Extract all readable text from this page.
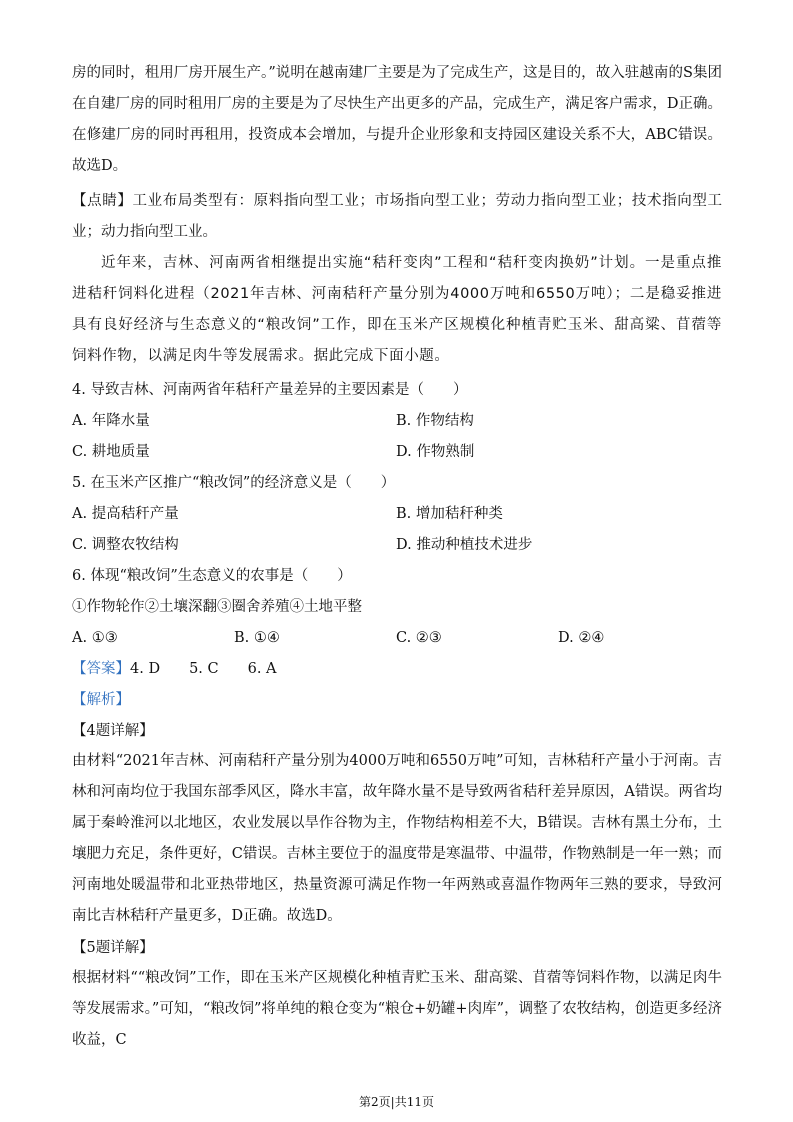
房的同时，租用厂房开展生产。”说明在越南建厂主要是为了完成生产，这是目的，故入驻越南的S集团在自建厂房的同时租用厂房的主要是为了尽快生产出更多的产品，完成生产，满足客户需求，D正确。在修建厂房的同时再租用，投资成本会增加，与提升企业形象和支持园区建设关系不大，ABC错误。故选D。

【点睛】工业布局类型有：原料指向型工业；市场指向型工业；劳动力指向型工业；技术指向型工业；动力指向型工业。

近年来，吉林、河南两省相继提出实施“秸秆变肉”工程和“秸秆变肉换奶”计划。一是重点推进秸秆饲料化进程（2021年吉林、河南秸秆产量分别为4000万吨和6550万吨）；二是稳妥推进具有良好经济与生态意义的“粮改饲”工作，即在玉米产区规模化种植青贮玉米、甜高粱、苜蓿等饲料作物，以满足肉牛等发展需求。据此完成下面小题。

4. 导致吉林、河南两省年秸秆产量差异的主要因素是（　　）
A. 年降水量	B. 作物结构
C. 耕地质量	D. 作物熟制
5. 在玉米产区推广“粮改饲”的经济意义是（　　）
A. 提高秸秆产量	B. 增加秸秆种类
C. 调整农牧结构	D. 推动种植技术进步
6. 体现“粮改饲”生态意义的农事是（　　）
①作物轮作②土壤深翻③圈舍养殖④土地平整
A. ①③	B. ①④	C. ②③	D. ②④
【答案】4. D　　5. C　　6. A
【解析】
【4题详解】

由材料“2021年吉林、河南秸秆产量分别为4000万吨和6550万吨”可知，吉林秸秆产量小于河南。吉林和河南均位于我国东部季风区，降水丰富，故年降水量不是导致两省秸秆差异原因，A错误。两省均属于秦岭淮河以北地区，农业发展以旱作谷物为主，作物结构相差不大，B错误。吉林有黑土分布，土壤肥力充足，条件更好，C错误。吉林主要位于的温度带是寒温带、中温带，作物熟制是一年一熟；而河南地处暖温带和北亚热带地区，热量资源可满足作物一年两熟或喜温作物两年三熟的要求，导致河南比吉林秸秆产量更多，D正确。故选D。

【5题详解】

根据材料““粮改饲”工作，即在玉米产区规模化种植青贮玉米、甜高粱、苜蓿等饲料作物，以满足肉牛等发展需求。”可知，“粮改饲”将单纯的粮仓变为“粮仓+奶罐+肉库”，调整了农牧结构，创造更多经济收益，C

第2页|共11页
